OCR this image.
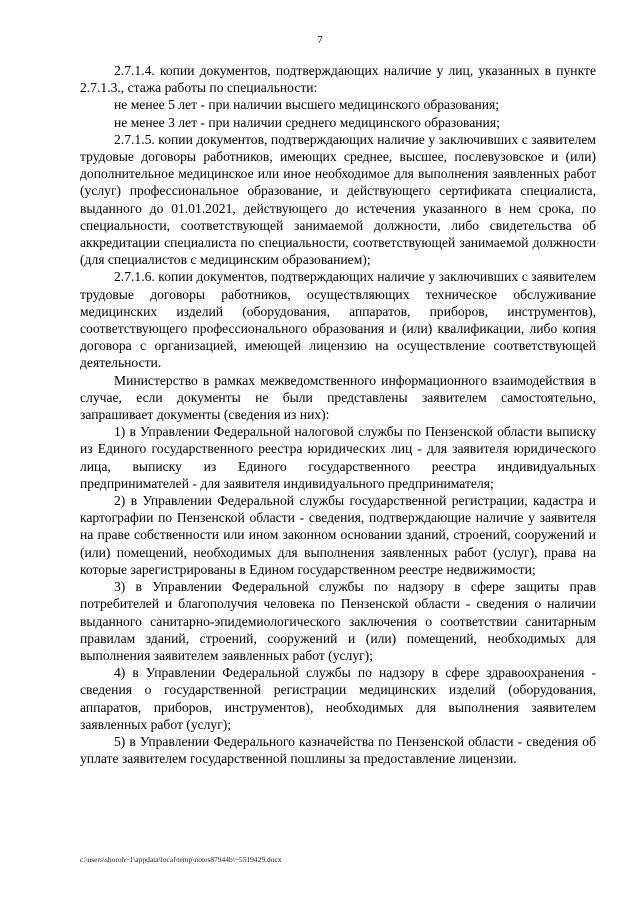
7

2.7.1.4. копии документов, подтверждающих наличие у лиц, указанных в пункте 2.7.1.3., стажа работы по специальности:

не менее 5 лет - при наличии высшего медицинского образования;

не менее 3 лет - при наличии среднего медицинского образования;

2.7.1.5. копии документов, подтверждающих наличие у заключивших с заявителем трудовые договоры работников, имеющих среднее, высшее, послевузовское и (или) дополнительное медицинское или иное необходимое для выполнения заявленных работ (услуг) профессиональное образование, и действующего сертификата специалиста, выданного до 01.01.2021, действующего до истечения указанного в нем срока, по специальности, соответствующей занимаемой должности, либо свидетельства об аккредитации специалиста по специальности, соответствующей занимаемой должности (для специалистов с медицинским образованием);

2.7.1.6. копии документов, подтверждающих наличие у заключивших с заявителем трудовые договоры работников, осуществляющих техническое обслуживание медицинских изделий (оборудования, аппаратов, приборов, инструментов), соответствующего профессионального образования и (или) квалификации, либо копия договора с организацией, имеющей лицензию на осуществление соответствующей деятельности.

Министерство в рамках межведомственного информационного взаимодействия в случае, если документы не были представлены заявителем самостоятельно, запрашивает документы (сведения из них):

1) в Управлении Федеральной налоговой службы по Пензенской области выписку из Единого государственного реестра юридических лиц - для заявителя юридического лица, выписку из Единого государственного реестра индивидуальных предпринимателей - для заявителя индивидуального предпринимателя;

2) в Управлении Федеральной службы государственной регистрации, кадастра и картографии по Пензенской области - сведения, подтверждающие наличие у заявителя на праве собственности или ином законном основании зданий, строений, сооружений и (или) помещений, необходимых для выполнения заявленных работ (услуг), права на которые зарегистрированы в Едином государственном реестре недвижимости;

3) в Управлении Федеральной службы по надзору в сфере защиты прав потребителей и благополучия человека по Пензенской области - сведения о наличии выданного санитарно-эпидемиологического заключения о соответствии санитарным правилам зданий, строений, сооружений и (или) помещений, необходимых для выполнения заявителем заявленных работ (услуг);

4) в Управлении Федеральной службы по надзору в сфере здравоохранения - сведения о государственной регистрации медицинских изделий (оборудования, аппаратов, приборов, инструментов), необходимых для выполнения заявителем заявленных работ (услуг);

5) в Управлении Федерального казначейства по Пензенской области - сведения об уплате заявителем государственной пошлины за предоставление лицензии.

c:\users\shoroh~1\appdata\local\temp\notes87944b\~5519429.docx
